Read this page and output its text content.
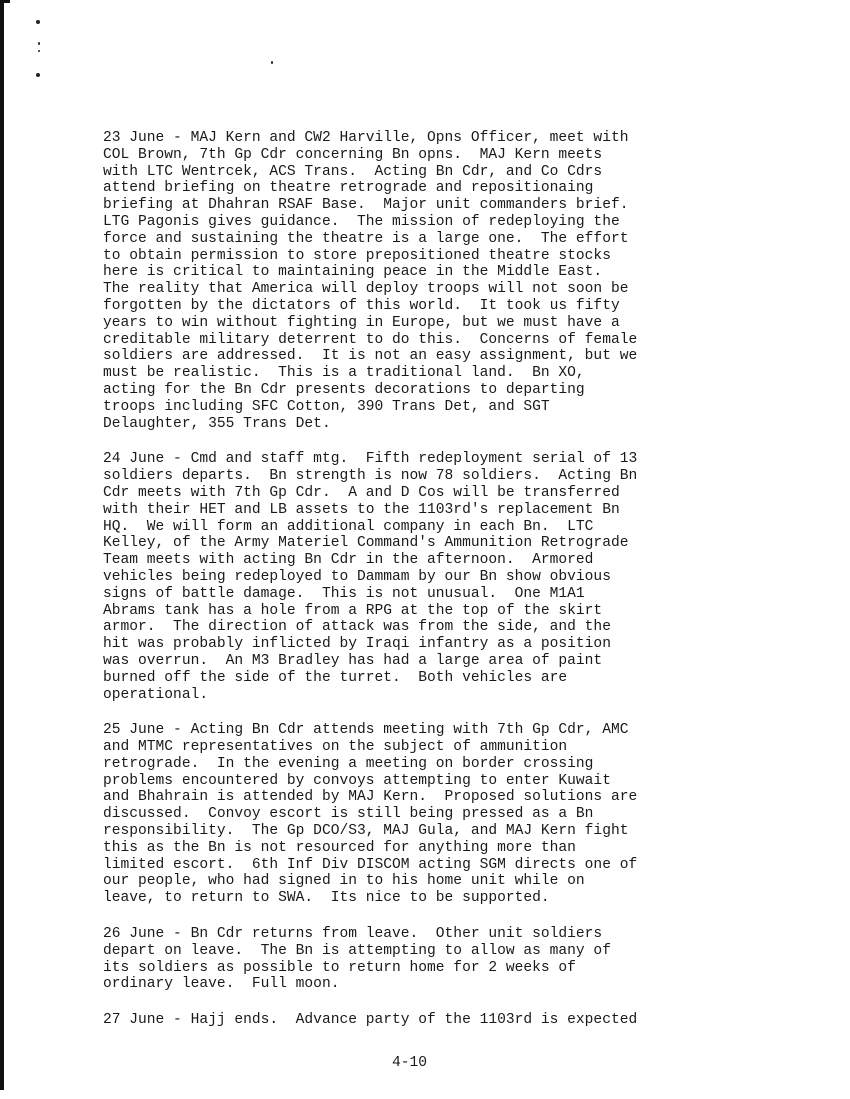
23 June - MAJ Kern and CW2 Harville, Opns Officer, meet with
COL Brown, 7th Gp Cdr concerning Bn opns.  MAJ Kern meets
with LTC Wentrcek, ACS Trans.  Acting Bn Cdr, and Co Cdrs
attend briefing on theatre retrograde and repositionaing
briefing at Dhahran RSAF Base.  Major unit commanders brief.
LTG Pagonis gives guidance.  The mission of redeploying the
force and sustaining the theatre is a large one.  The effort
to obtain permission to store prepositioned theatre stocks
here is critical to maintaining peace in the Middle East.
The reality that America will deploy troops will not soon be
forgotten by the dictators of this world.  It took us fifty
years to win without fighting in Europe, but we must have a
creditable military deterrent to do this.  Concerns of female
soldiers are addressed.  It is not an easy assignment, but we
must be realistic.  This is a traditional land.  Bn XO,
acting for the Bn Cdr presents decorations to departing
troops including SFC Cotton, 390 Trans Det, and SGT
Delaughter, 355 Trans Det.

24 June - Cmd and staff mtg.  Fifth redeployment serial of 13
soldiers departs.  Bn strength is now 78 soldiers.  Acting Bn
Cdr meets with 7th Gp Cdr.  A and D Cos will be transferred
with their HET and LB assets to the 1103rd's replacement Bn
HQ.  We will form an additional company in each Bn.  LTC
Kelley, of the Army Materiel Command's Ammunition Retrograde
Team meets with acting Bn Cdr in the afternoon.  Armored
vehicles being redeployed to Dammam by our Bn show obvious
signs of battle damage.  This is not unusual.  One M1A1
Abrams tank has a hole from a RPG at the top of the skirt
armor.  The direction of attack was from the side, and the
hit was probably inflicted by Iraqi infantry as a position
was overrun.  An M3 Bradley has had a large area of paint
burned off the side of the turret.  Both vehicles are
operational.

25 June - Acting Bn Cdr attends meeting with 7th Gp Cdr, AMC
and MTMC representatives on the subject of ammunition
retrograde.  In the evening a meeting on border crossing
problems encountered by convoys attempting to enter Kuwait
and Bhahrain is attended by MAJ Kern.  Proposed solutions are
discussed.  Convoy escort is still being pressed as a Bn
responsibility.  The Gp DCO/S3, MAJ Gula, and MAJ Kern fight
this as the Bn is not resourced for anything more than
limited escort.  6th Inf Div DISCOM acting SGM directs one of
our people, who had signed in to his home unit while on
leave, to return to SWA.  Its nice to be supported.

26 June - Bn Cdr returns from leave.  Other unit soldiers
depart on leave.  The Bn is attempting to allow as many of
its soldiers as possible to return home for 2 weeks of
ordinary leave.  Full moon.

27 June - Hajj ends.  Advance party of the 1103rd is expected

4-10
